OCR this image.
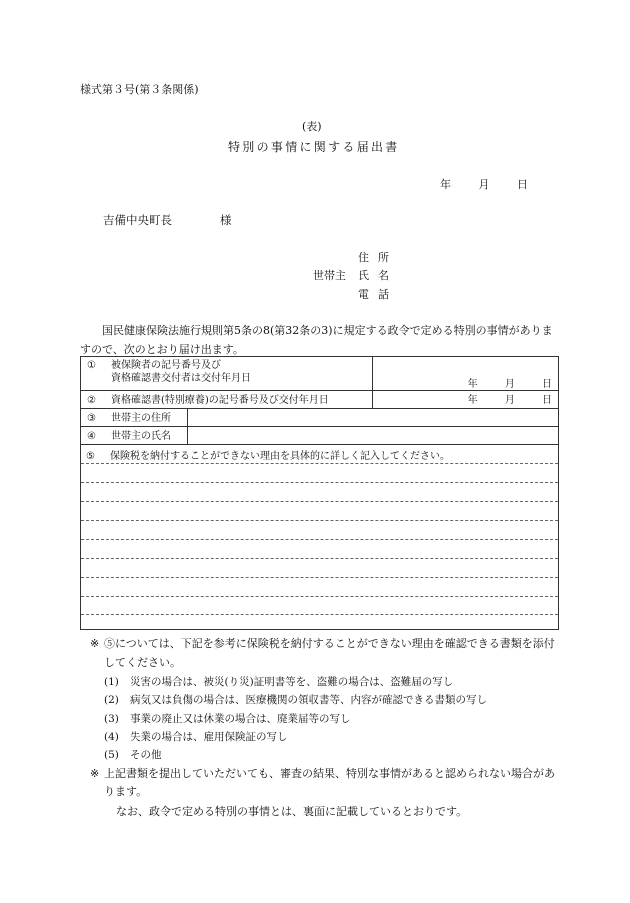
様式第３号(第３条関係)
(表)
特別の事情に関する届出書
年	月	日
吉備中央町長	様
世帯主
住所
氏名
電話
国民健康保険法施行規則第5条の8(第32条の3)に規定する政令で定める特別の事情がありますので、次のとおり届け出ます。
① 被保険者の記号番号及び
資格確認書交付者は交付年月日	年 月 日
② 資格確認書(特別療養)の記号番号及び交付年月日	年 月 日
③ 世帯主の住所	
④ 世帯主の氏名	
⑤ 保険税を納付することができない理由を具体的に詳しく記入してください。
※ ⑤については、下記を参考に保険税を納付することができない理由を確認できる書類を添付してください。
(1) 災害の場合は、被災(り災)証明書等を、盗難の場合は、盗難届の写し
(2) 病気又は負傷の場合は、医療機関の領収書等、内容が確認できる書類の写し
(3) 事業の廃止又は休業の場合は、廃業届等の写し
(4) 失業の場合は、雇用保険証の写し
(5) その他
※ 上記書類を提出していただいても、審査の結果、特別な事情があると認められない場合があります。
なお、政令で定める特別の事情とは、裏面に記載しているとおりです。
